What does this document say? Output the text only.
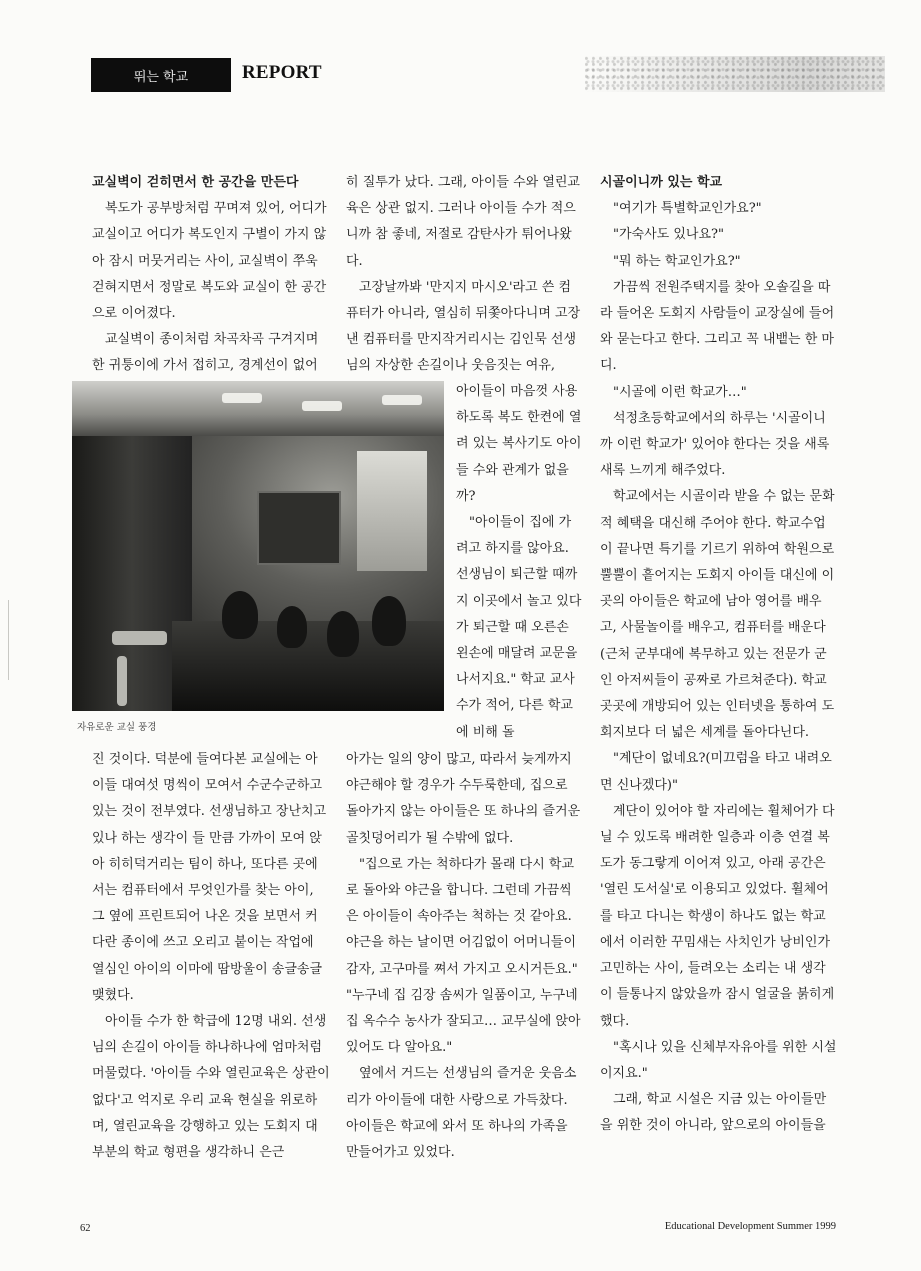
뛰는 학교	REPORT
교실벽이 걷히면서 한 공간을 만든다

복도가 공부방처럼 꾸며져 있어, 어디가 교실이고 어디가 복도인지 구별이 가지 않아 잠시 머뭇거리는 사이, 교실벽이 쭈욱 걷혀지면서 정말로 복도와 교실이 한 공간으로 이어졌다.

교실벽이 종이처럼 차곡차곡 구겨지며 한 귀퉁이에 가서 접히고, 경계선이 없어

자유로운 교실 풍경

진 것이다. 덕분에 들여다본 교실에는 아이들 대여섯 명씩이 모여서 수군수군하고 있는 것이 전부였다. 선생님하고 장난치고 있나 하는 생각이 들 만큼 가까이 모여 앉아 히히덕거리는 팀이 하나, 또다른 곳에서는 컴퓨터에서 무엇인가를 찾는 아이, 그 옆에 프린트되어 나온 것을 보면서 커다란 종이에 쓰고 오리고 붙이는 작업에 열심인 아이의 이마에 땀방울이 송글송글 맺혔다.

아이들 수가 한 학급에 12명 내외. 선생님의 손길이 아이들 하나하나에 엄마처럼 머물렀다. '아이들 수와 열린교육은 상관이 없다'고 억지로 우리 교육 현실을 위로하며, 열린교육을 강행하고 있는 도회지 대부분의 학교 형편을 생각하니 은근

히 질투가 났다. 그래, 아이들 수와 열린교육은 상관 없지. 그러나 아이들 수가 적으니까 참 좋네, 저절로 감탄사가 튀어나왔다.

고장날까봐 '만지지 마시오'라고 쓴 컴퓨터가 아니라, 열심히 뒤쫓아다니며 고장낸 컴퓨터를 만지작거리시는 김인묵 선생님의 자상한 손길이나 웃음짓는 여유,

아이들이 마음껏 사용하도록 복도 한켠에 열려 있는 복사기도 아이들 수와 관계가 없을까?

"아이들이 집에 가려고 하지를 않아요. 선생님이 퇴근할 때까지 이곳에서 놀고 있다가 퇴근할 때 오른손 왼손에 매달려 교문을 나서지요." 학교 교사 수가 적어, 다른 학교에 비해 돌

아가는 일의 양이 많고, 따라서 늦게까지 야근해야 할 경우가 수두룩한데, 집으로 돌아가지 않는 아이들은 또 하나의 즐거운 골칫덩어리가 될 수밖에 없다.

"집으로 가는 척하다가 몰래 다시 학교로 돌아와 야근을 합니다. 그런데 가끔씩은 아이들이 속아주는 척하는 것 같아요. 야근을 하는 날이면 어김없이 어머니들이 감자, 고구마를 쪄서 가지고 오시거든요." "누구네 집 김장 솜씨가 일품이고, 누구네 집 옥수수 농사가 잘되고… 교무실에 앉아 있어도 다 알아요."

옆에서 거드는 선생님의 즐거운 웃음소리가 아이들에 대한 사랑으로 가득찼다. 아이들은 학교에 와서 또 하나의 가족을 만들어가고 있었다.

시골이니까 있는 학교

"여기가 특별학교인가요?"

"가숙사도 있나요?"

"뭐 하는 학교인가요?"

가끔씩 전원주택지를 찾아 오솔길을 따라 들어온 도회지 사람들이 교장실에 들어와 묻는다고 한다. 그리고 꼭 내뱉는 한 마디.

"시골에 이런 학교가…"

석정초등학교에서의 하루는 '시골이니까 이런 학교가' 있어야 한다는 것을 새록새록 느끼게 해주었다.

학교에서는 시골이라 받을 수 없는 문화적 혜택을 대신해 주어야 한다. 학교수업이 끝나면 특기를 기르기 위하여 학원으로 뿔뿔이 흩어지는 도회지 아이들 대신에 이곳의 아이들은 학교에 남아 영어를 배우고, 사물놀이를 배우고, 컴퓨터를 배운다(근처 군부대에 복무하고 있는 전문가 군인 아저씨들이 공짜로 가르쳐준다). 학교 곳곳에 개방되어 있는 인터넷을 통하여 도회지보다 더 넓은 세계를 돌아다닌다.

"계단이 없네요?(미끄럼을 타고 내려오면 신나겠다)"

계단이 있어야 할 자리에는 휠체어가 다닐 수 있도록 배려한 일층과 이층 연결 복도가 동그랗게 이어져 있고, 아래 공간은 '열린 도서실'로 이용되고 있었다. 휠체어를 타고 다니는 학생이 하나도 없는 학교에서 이러한 꾸밈새는 사치인가 낭비인가 고민하는 사이, 들려오는 소리는 내 생각이 들통나지 않았을까 잠시 얼굴을 붉히게 했다.

"혹시나 있을 신체부자유아를 위한 시설이지요."

그래, 학교 시설은 지금 있는 아이들만을 위한 것이 아니라, 앞으로의 아이들을

62	Educational Development Summer 1999
